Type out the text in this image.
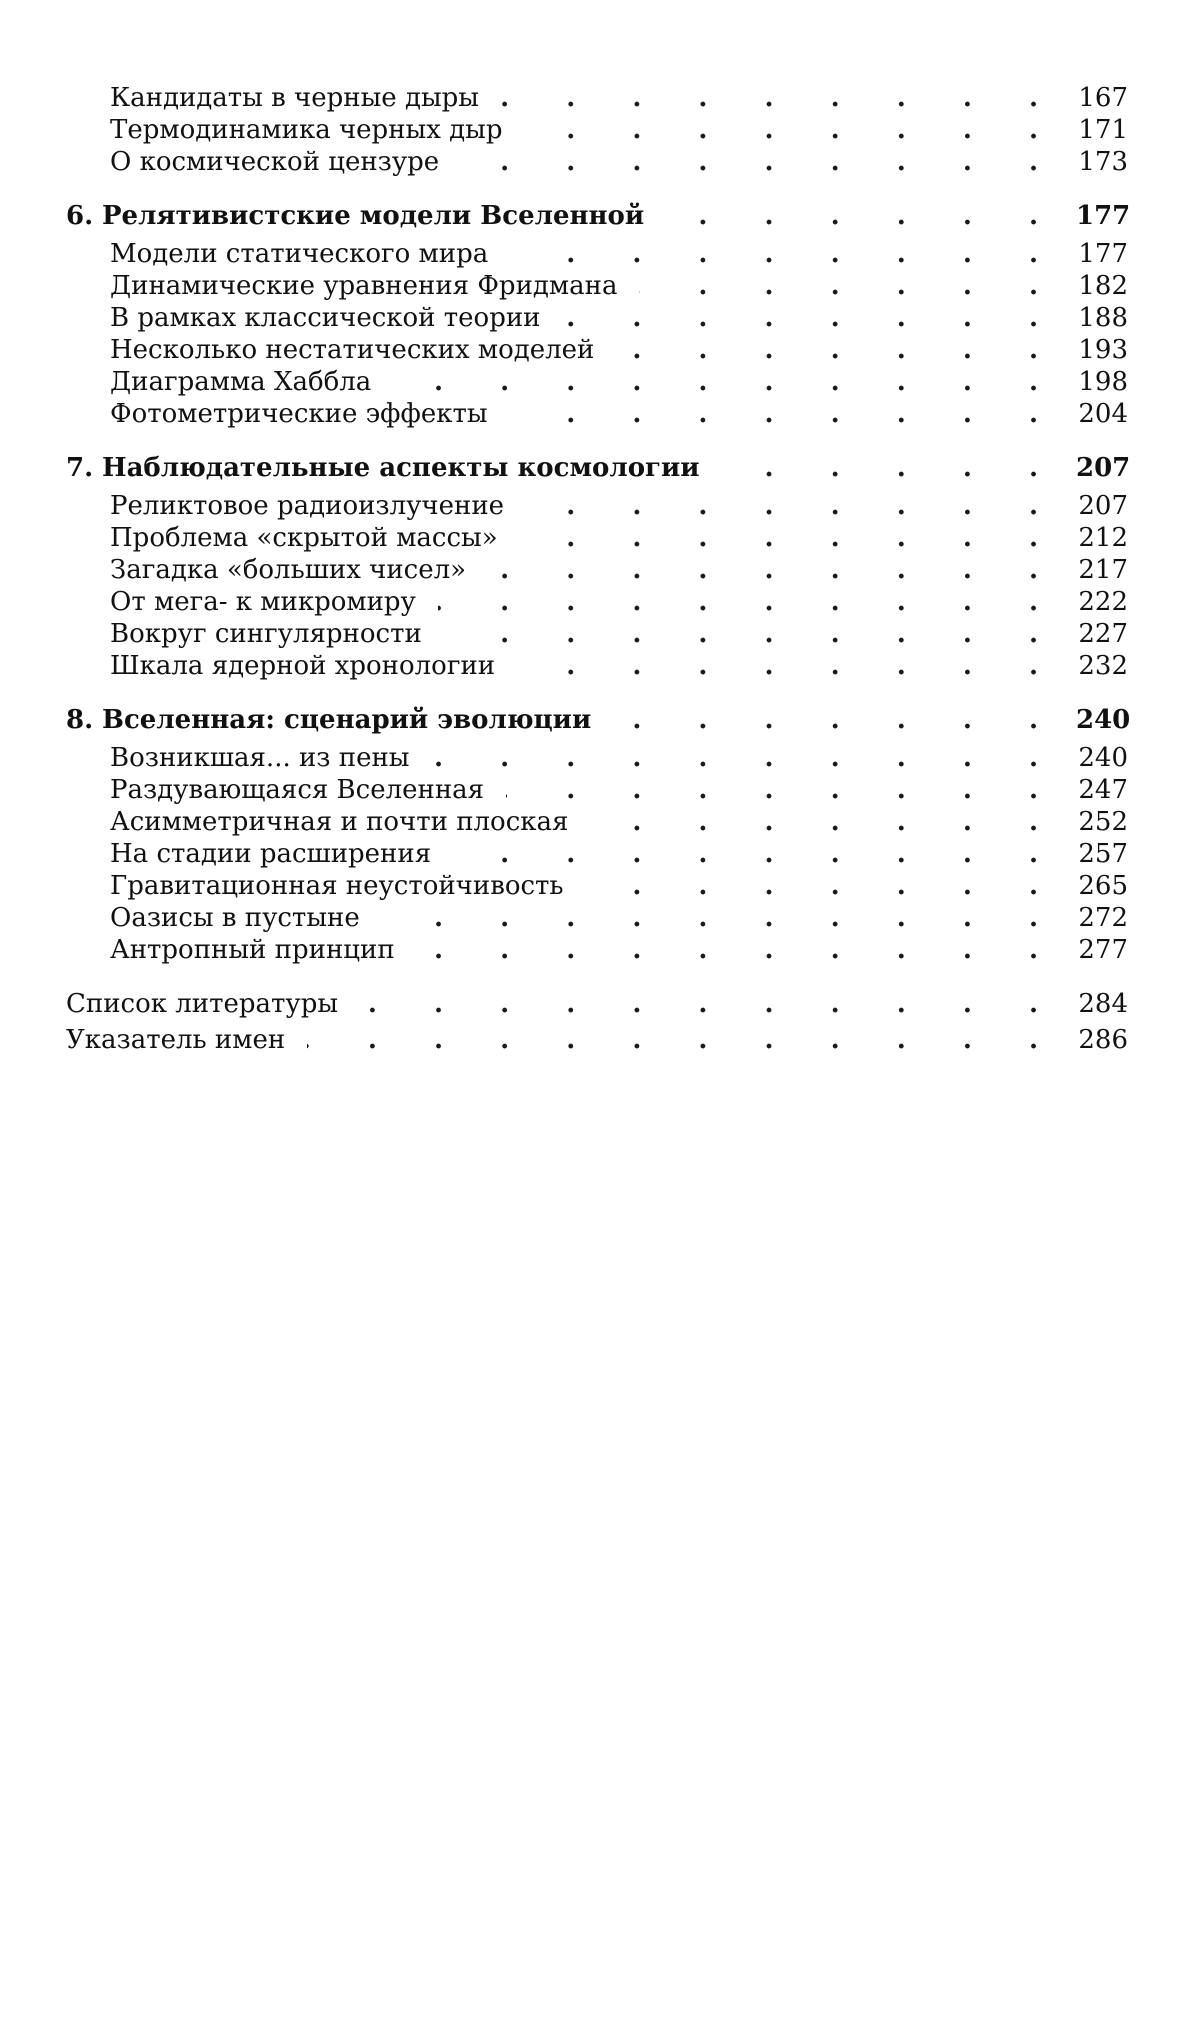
Кандидаты в черные дыры . . .	167
Термодинамика черных дыр . . .	171
О космической цензуре . . .	173
6. Релятивистские модели Вселенной . . .	177
Модели статического мира . . .	177
Динамические уравнения Фридмана . . .	182
В рамках классической теории . . .	188
Несколько нестатических моделей . . .	193
Диаграмма Хаббла . . .	198
Фотометрические эффекты . . .	204
7. Наблюдательные аспекты космологии . . .	207
Реликтовое радиоизлучение . . .	207
Проблема «скрытой массы» . . .	212
Загадка «больших чисел» . . .	217
От мега- к микромиру . . .	222
Вокруг сингулярности . . .	227
Шкала ядерной хронологии . . .	232
8. Вселенная: сценарий эволюции . . .	240
Возникшая... из пены . . .	240
Раздувающаяся Вселенная . . .	247
Асимметричная и почти плоская . . .	252
На стадии расширения . . .	257
Гравитационная неустойчивость . . .	265
Оазисы в пустыне . . .	272
Антропный принцип . . .	277
Список литературы . . .	284
Указатель имен . . .	286
